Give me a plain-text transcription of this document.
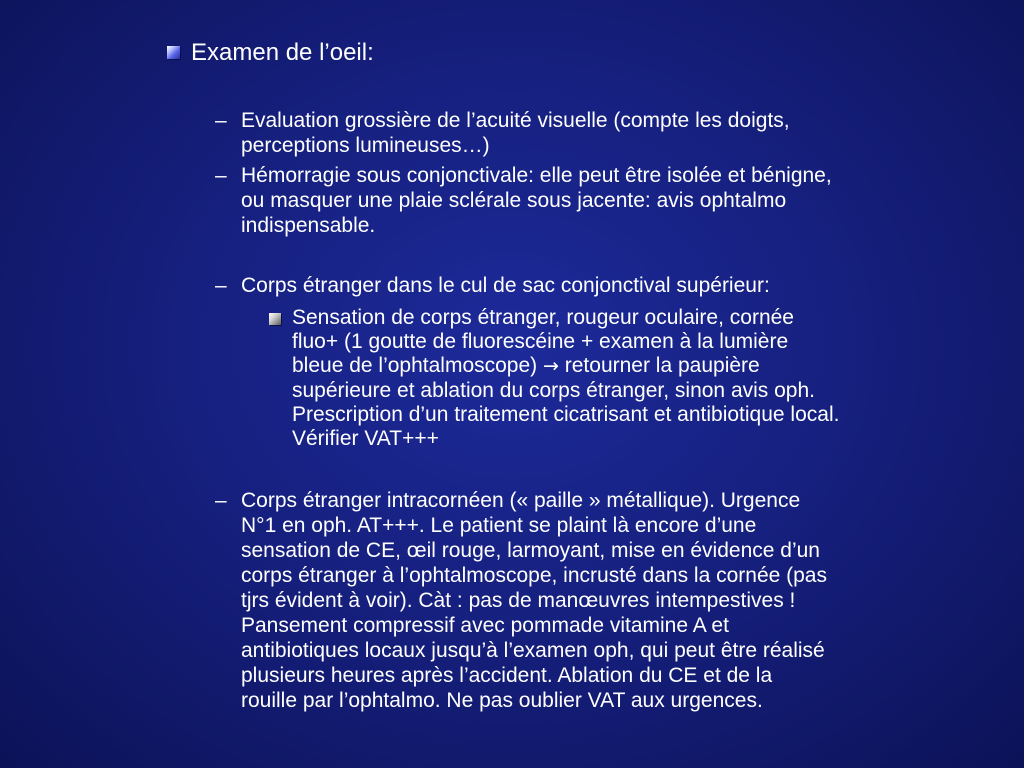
Examen de l’oeil:
– Evaluation grossière de l’acuité visuelle (compte les doigts,
perceptions lumineuses…)
– Hémorragie sous conjonctivale: elle peut être isolée et bénigne,
ou masquer une plaie sclérale sous jacente: avis ophtalmo
indispensable.
– Corps étranger dans le cul de sac conjonctival supérieur:
Sensation de corps étranger, rougeur oculaire, cornée
fluo+ (1 goutte de fluorescéine + examen à la lumière
bleue de l’ophtalmoscope) → retourner la paupière
supérieure et ablation du corps étranger, sinon avis oph.
Prescription d’un traitement cicatrisant et antibiotique local.
Vérifier VAT+++
– Corps étranger intracornéen (« paille » métallique). Urgence
N°1 en oph. AT+++. Le patient se plaint là encore d’une
sensation de CE, œil rouge, larmoyant, mise en évidence d’un
corps étranger à l’ophtalmoscope, incrusté dans la cornée (pas
tjrs évident à voir). Càt : pas de manœuvres intempestives !
Pansement compressif avec pommade vitamine A et
antibiotiques locaux jusqu’à l’examen oph, qui peut être réalisé
plusieurs heures après l’accident. Ablation du CE et de la
rouille par l’ophtalmo. Ne pas oublier VAT aux urgences.
